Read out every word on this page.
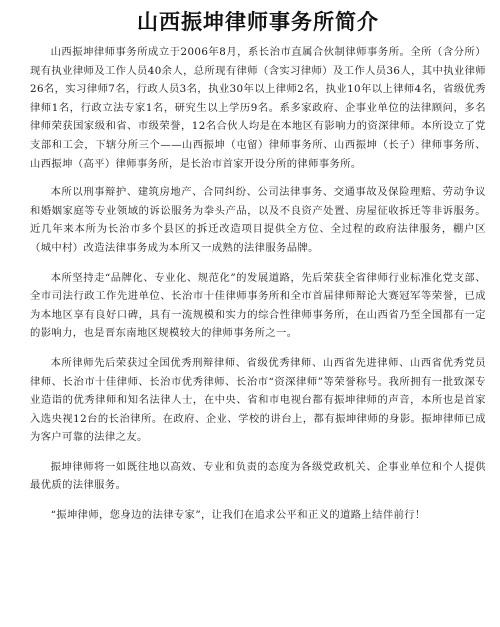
山西振坤律师事务所简介

山西振坤律师事务所成立于2006年8月，系长治市直属合伙制律师事务所。全所（含分所）现有执业律师及工作人员40余人，总所现有律师（含实习律师）及工作人员36人，其中执业律师26名，实习律师7名，行政人员3名，执业30年以上律师2名，执业10年以上律师4名，省级优秀律师1名，行政立法专家1名，研究生以上学历9名。系多家政府、企事业单位的法律顾问，多名律师荣获国家级和省、市级荣誉，12名合伙人均是在本地区有影响力的资深律师。本所设立了党支部和工会，下辖分所三个——山西振坤（屯留）律师事务所、山西振坤（长子）律师事务所、山西振坤（高平）律师事务所，是长治市首家开设分所的律师事务所。

本所以刑事辩护、建筑房地产、合同纠纷、公司法律事务、交通事故及保险理赔、劳动争议和婚姻家庭等专业领域的诉讼服务为拳头产品，以及不良资产处置、房屋征收拆迁等非诉服务。近几年来本所为长治市多个县区的拆迁改造项目提供全方位、全过程的政府法律服务，棚户区（城中村）改造法律事务成为本所又一成熟的法律服务品牌。

本所坚持走“品牌化、专业化、规范化”的发展道路，先后荣获全省律师行业标准化党支部、全市司法行政工作先进单位、长治市十佳律师事务所和全市首届律师辩论大赛冠军等荣誉，已成为本地区享有良好口碑，具有一流规模和实力的综合性律师事务所，在山西省乃至全国都有一定的影响力，也是晋东南地区规模较大的律师事务所之一。

本所律师先后荣获过全国优秀刑辩律师、省级优秀律师、山西省先进律师、山西省优秀党员律师、长治市十佳律师、长治市优秀律师、长治市“资深律师”等荣誉称号。我所拥有一批致深专业造诣的优秀律师和知名法律人士，在中央、省和市电视台都有振坤律师的声音，本所也是首家入选央视12台的长治律所。在政府、企业、学校的讲台上，都有振坤律师的身影。振坤律师已成为客户可靠的法律之友。

振坤律师将一如既往地以高效、专业和负责的态度为各级党政机关、企事业单位和个人提供最优质的法律服务。

“振坤律师，您身边的法律专家”，让我们在追求公平和正义的道路上结伴前行！
